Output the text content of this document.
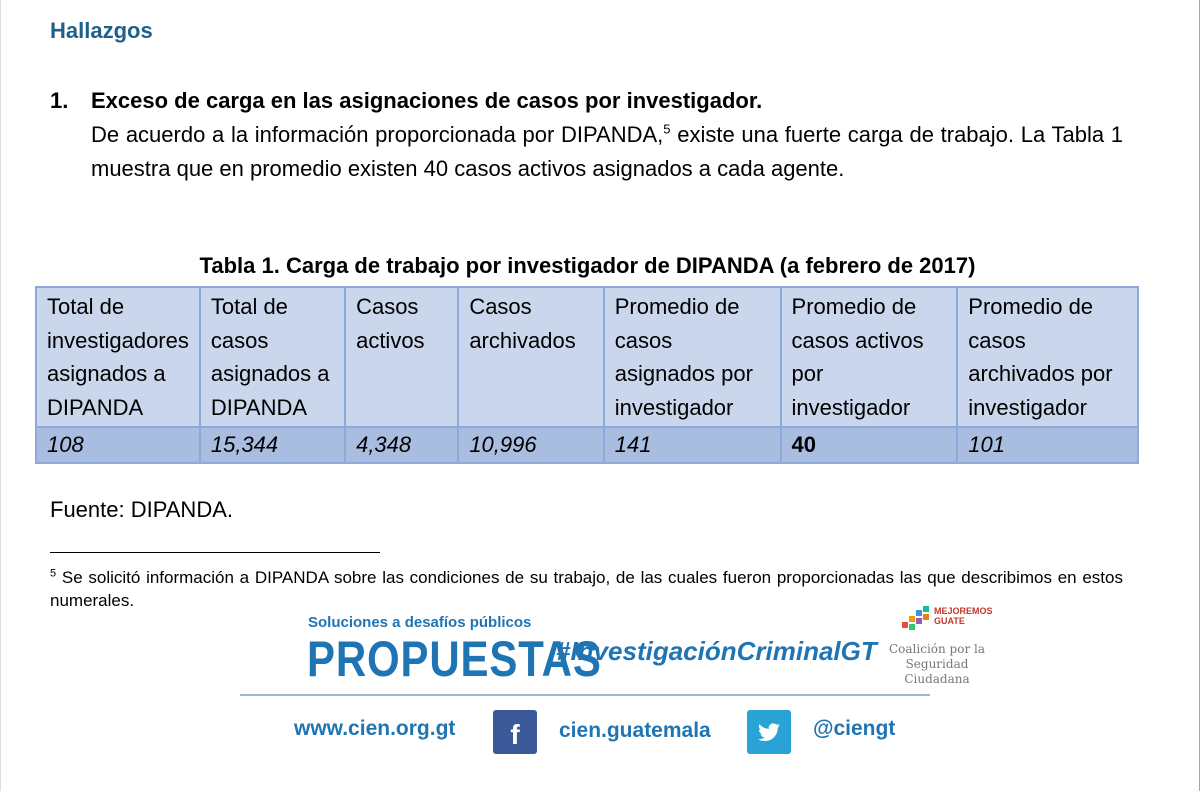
Hallazgos
1. Exceso de carga en las asignaciones de casos por investigador.
De acuerdo a la información proporcionada por DIPANDA,$^5$ existe una fuerte carga de trabajo. La Tabla 1 muestra que en promedio existen 40 casos activos asignados a cada agente.
Tabla 1. Carga de trabajo por investigador de DIPANDA (a febrero de 2017)
Total de investigadores asignados a DIPANDA	Total de casos asignados a DIPANDA	Casos activos	Casos archivados	Promedio de casos asignados por investigador	Promedio de casos activos por investigador	Promedio de casos archivados por investigador
108	15,344	4,348	10,996	141	40	101
Fuente: DIPANDA.
$^5$ Se solicitó información a DIPANDA sobre las condiciones de su trabajo, de las cuales fueron proporcionadas las que describimos en estos numerales.
Soluciones a desafíos públicos
PROPUESTAS
#InvestigaciónCriminalGT
MEJOREMOS
GUATE
Coalición por la
Seguridad Ciudadana
www.cien.org.gt	f	cien.guatemala	@ciengt
